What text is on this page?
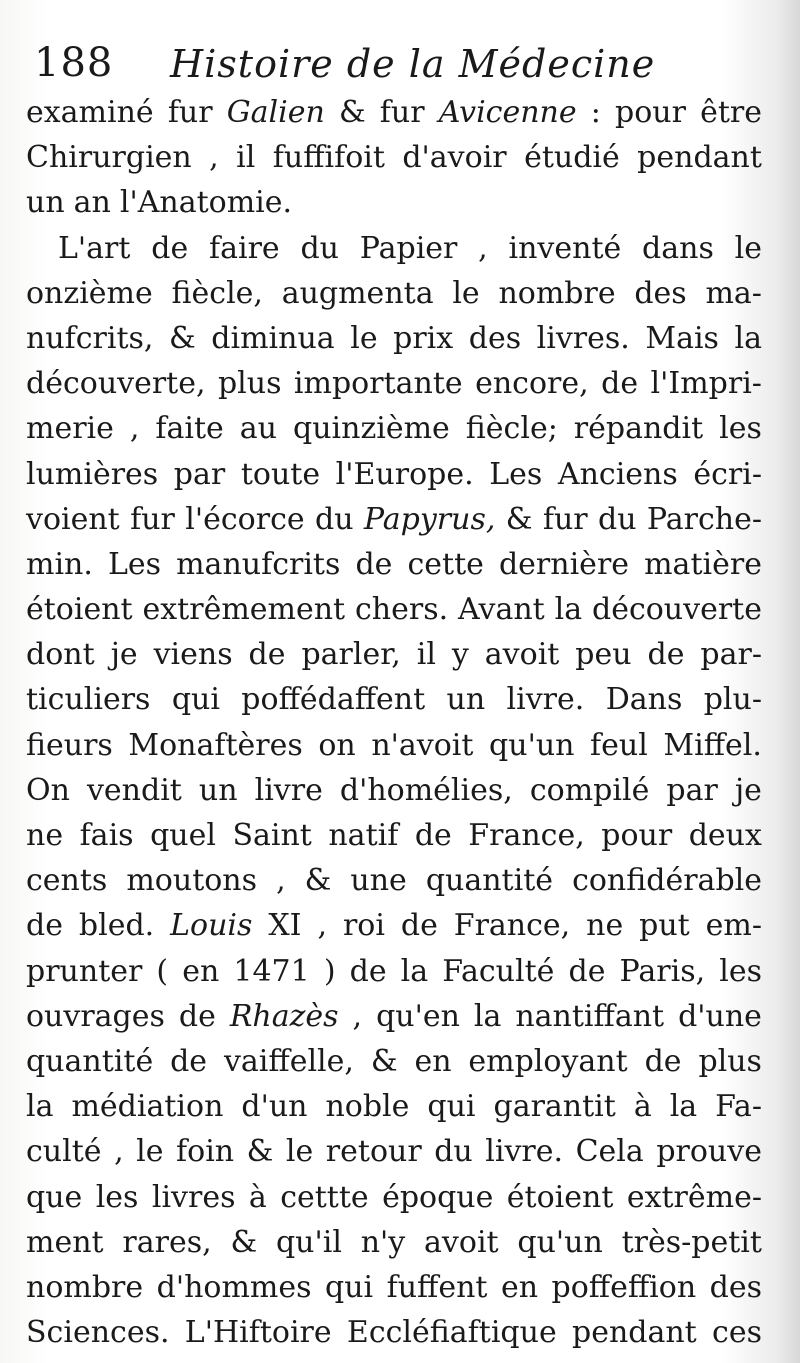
188 Histoire de la Médecine
examiné fur Galien & fur Avicenne : pour être
Chirurgien , il fuffifoit d'avoir étudié pendant
un an l'Anatomie.
L'art de faire du Papier , inventé dans le
onzième fiècle, augmenta le nombre des ma-
nufcrits, & diminua le prix des livres. Mais la
découverte, plus importante encore, de l'Impri-
merie , faite au quinzième fiècle; répandit les
lumières par toute l'Europe. Les Anciens écri-
voient fur l'écorce du Papyrus, & fur du Parche-
min. Les manufcrits de cette dernière matière
étoient extrêmement chers. Avant la découverte
dont je viens de parler, il y avoit peu de par-
ticuliers qui poffédaffent un livre. Dans plu-
fieurs Monaftères on n'avoit qu'un feul Miffel.
On vendit un livre d'homélies, compilé par je
ne fais quel Saint natif de France, pour deux
cents moutons , & une quantité confidérable
de bled. Louis XI , roi de France, ne put em-
prunter ( en 1471 ) de la Faculté de Paris, les
ouvrages de Rhazès , qu'en la nantiffant d'une
quantité de vaiffelle, & en employant de plus
la médiation d'un noble qui garantit à la Fa-
culté , le foin & le retour du livre. Cela prouve
que les livres à cettte époque étoient extrême-
ment rares, & qu'il n'y avoit qu'un très-petit
nombre d'hommes qui fuffent en poffeffion des
Sciences. L'Hiftoire Eccléfiaftique pendant ces
